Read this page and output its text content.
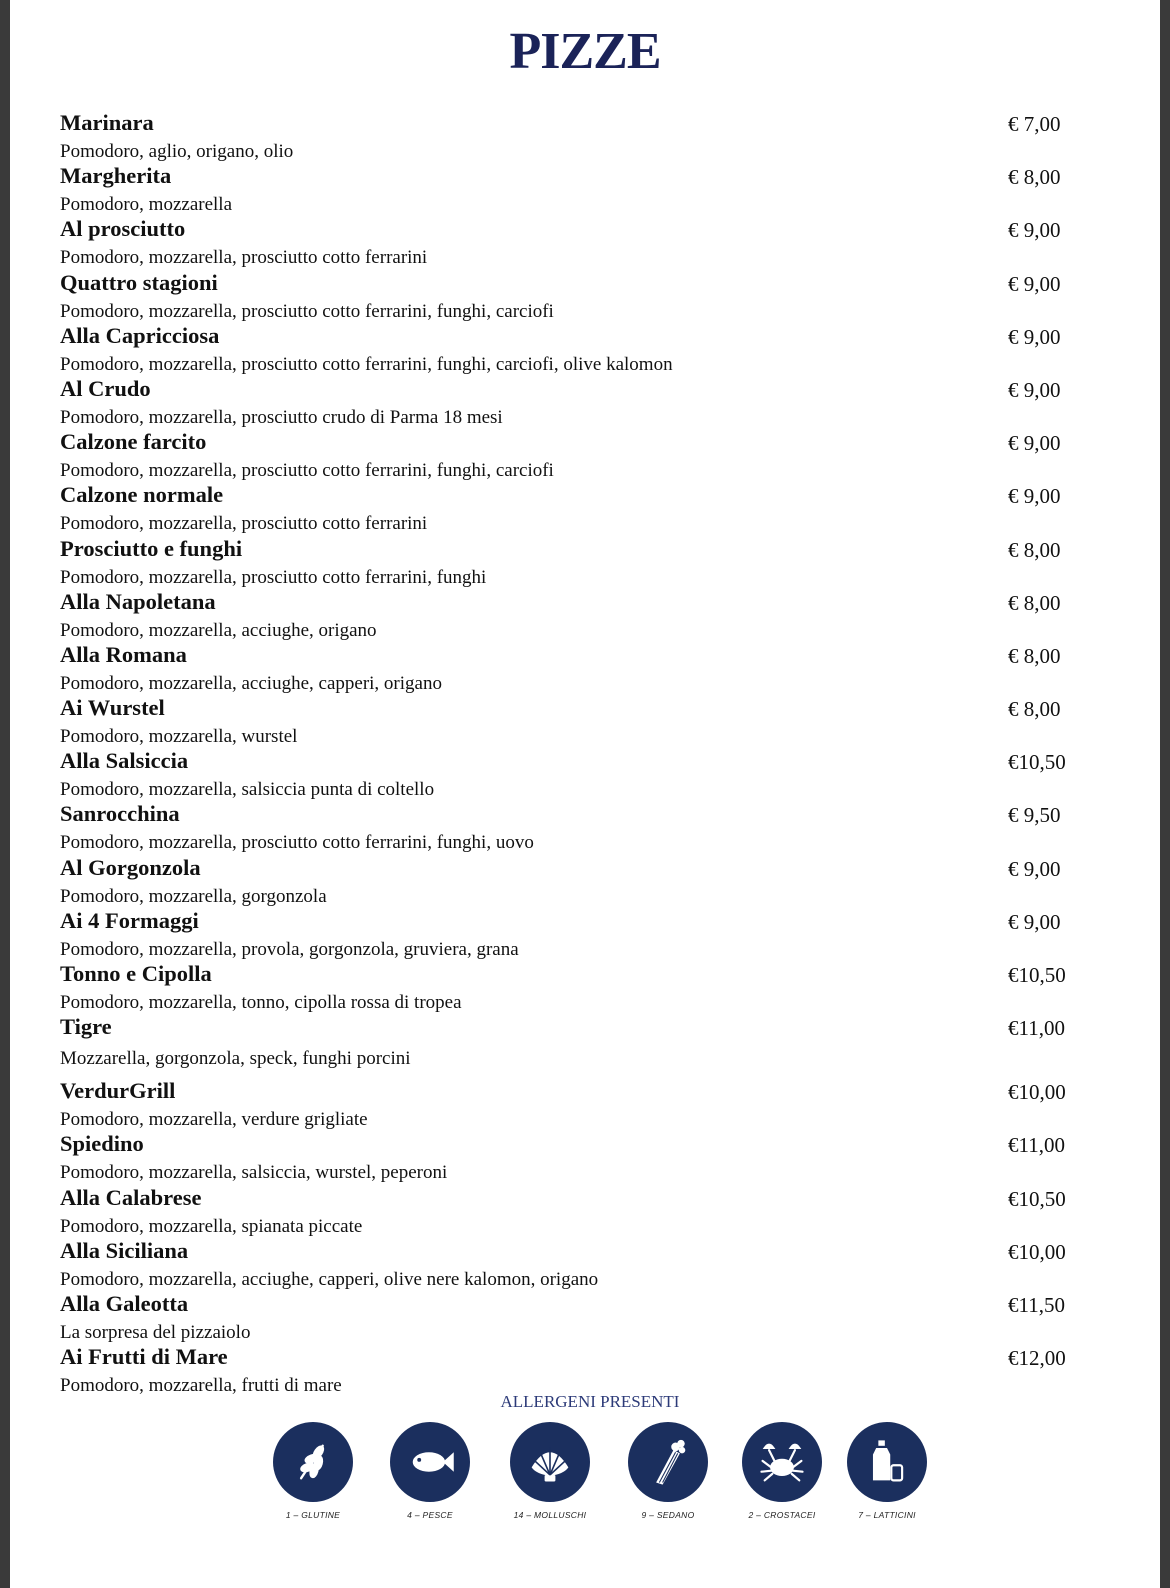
PIZZE
Marinara	€ 7,00
Pomodoro, aglio, origano, olio
Margherita	€ 8,00
Pomodoro, mozzarella
Al prosciutto	€ 9,00
Pomodoro, mozzarella, prosciutto cotto ferrarini
Quattro stagioni	€ 9,00
Pomodoro, mozzarella, prosciutto cotto ferrarini, funghi, carciofi
Alla Capricciosa	€ 9,00
Pomodoro, mozzarella, prosciutto cotto ferrarini, funghi, carciofi, olive kalomon
Al Crudo	€ 9,00
Pomodoro, mozzarella, prosciutto crudo di Parma 18 mesi
Calzone farcito	€ 9,00
Pomodoro, mozzarella, prosciutto cotto ferrarini, funghi, carciofi
Calzone normale	€ 9,00
Pomodoro, mozzarella, prosciutto cotto ferrarini
Prosciutto e funghi	€ 8,00
Pomodoro, mozzarella, prosciutto cotto ferrarini, funghi
Alla Napoletana	€ 8,00
Pomodoro, mozzarella, acciughe, origano
Alla Romana	€ 8,00
Pomodoro, mozzarella, acciughe, capperi, origano
Ai Wurstel	€ 8,00
Pomodoro, mozzarella, wurstel
Alla Salsiccia	€10,50
Pomodoro, mozzarella, salsiccia punta di coltello
Sanrocchina	€ 9,50
Pomodoro, mozzarella, prosciutto cotto ferrarini, funghi, uovo
Al Gorgonzola	€ 9,00
Pomodoro, mozzarella, gorgonzola
Ai 4 Formaggi	€ 9,00
Pomodoro, mozzarella, provola, gorgonzola, gruviera, grana
Tonno e Cipolla	€10,50
Pomodoro, mozzarella, tonno, cipolla rossa di tropea
Tigre	€11,00
Mozzarella, gorgonzola, speck, funghi porcini
VerdurGrill	€10,00
Pomodoro, mozzarella, verdure grigliate
Spiedino	€11,00
Pomodoro, mozzarella, salsiccia, wurstel, peperoni
Alla Calabrese	€10,50
Pomodoro, mozzarella, spianata piccate
Alla Siciliana	€10,00
Pomodoro, mozzarella, acciughe, capperi, olive nere kalomon, origano
Alla Galeotta	€11,50
La sorpresa del pizzaiolo
Ai Frutti di Mare	€12,00
Pomodoro, mozzarella, frutti di mare
ALLERGENI PRESENTI
1 – GLUTINE	4 – PESCE	14 – MOLLUSCHI	9 – SEDANO	2 – CROSTACEI	7 – LATTICINI
